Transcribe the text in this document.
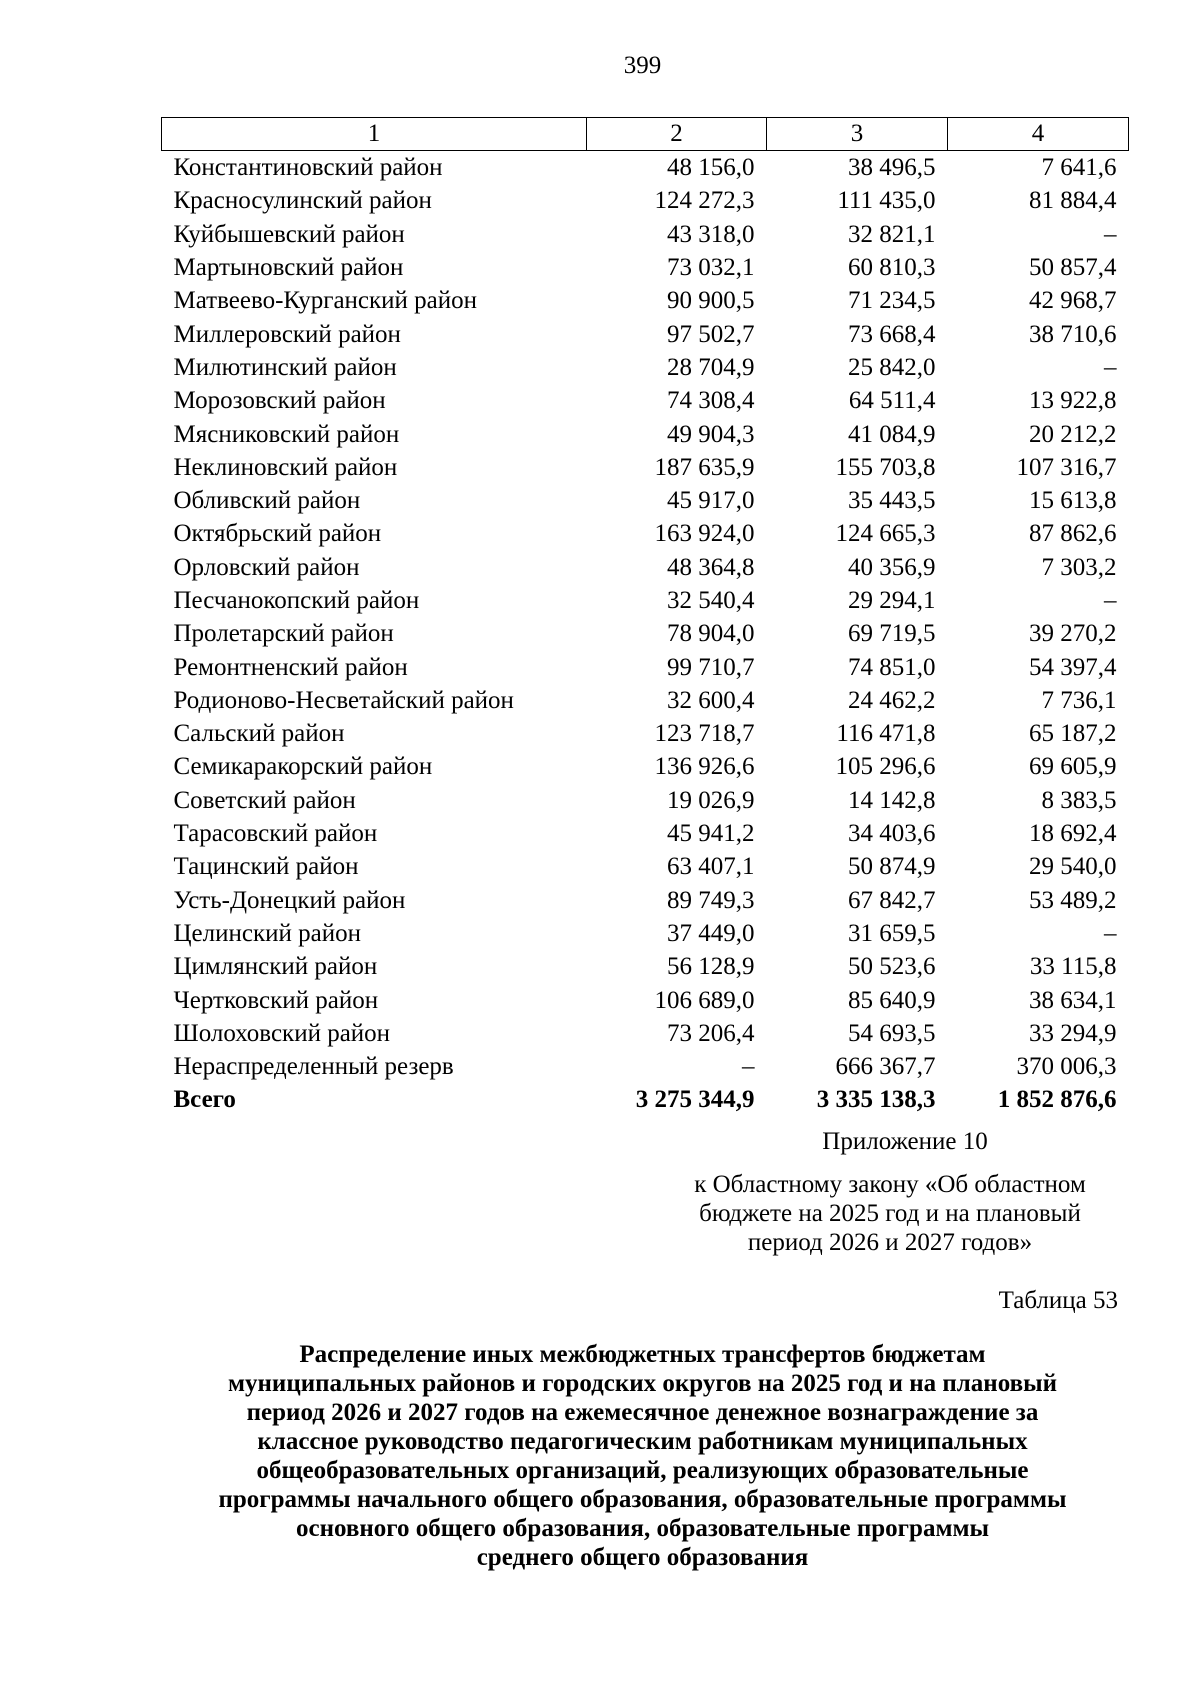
399
1	2	3	4
Константиновский район	48 156,0	38 496,5	7 641,6
Красносулинский район	124 272,3	111 435,0	81 884,4
Куйбышевский район	43 318,0	32 821,1	–
Мартыновский район	73 032,1	60 810,3	50 857,4
Матвеево-Курганский район	90 900,5	71 234,5	42 968,7
Миллеровский район	97 502,7	73 668,4	38 710,6
Милютинский район	28 704,9	25 842,0	–
Морозовский район	74 308,4	64 511,4	13 922,8
Мясниковский район	49 904,3	41 084,9	20 212,2
Неклиновский район	187 635,9	155 703,8	107 316,7
Обливский район	45 917,0	35 443,5	15 613,8
Октябрьский район	163 924,0	124 665,3	87 862,6
Орловский район	48 364,8	40 356,9	7 303,2
Песчанокопский район	32 540,4	29 294,1	–
Пролетарский район	78 904,0	69 719,5	39 270,2
Ремонтненский район	99 710,7	74 851,0	54 397,4
Родионово-Несветайский район	32 600,4	24 462,2	7 736,1
Сальский район	123 718,7	116 471,8	65 187,2
Семикаракорский район	136 926,6	105 296,6	69 605,9
Советский район	19 026,9	14 142,8	8 383,5
Тарасовский район	45 941,2	34 403,6	18 692,4
Тацинский район	63 407,1	50 874,9	29 540,0
Усть-Донецкий район	89 749,3	67 842,7	53 489,2
Целинский район	37 449,0	31 659,5	–
Цимлянский район	56 128,9	50 523,6	33 115,8
Чертковский район	106 689,0	85 640,9	38 634,1
Шолоховский район	73 206,4	54 693,5	33 294,9
Нераспределенный резерв	–	666 367,7	370 006,3
Всего	3 275 344,9	3 335 138,3	1 852 876,6
Приложение 10
к Областному закону «Об областном
бюджете на 2025 год и на плановый
период 2026 и 2027 годов»
Таблица 53
Распределение иных межбюджетных трансфертов бюджетам
муниципальных районов и городских округов на 2025 год и на плановый
период 2026 и 2027 годов на ежемесячное денежное вознаграждение за
классное руководство педагогическим работникам муниципальных
общеобразовательных организаций, реализующих образовательные
программы начального общего образования, образовательные программы
основного общего образования, образовательные программы
среднего общего образования
